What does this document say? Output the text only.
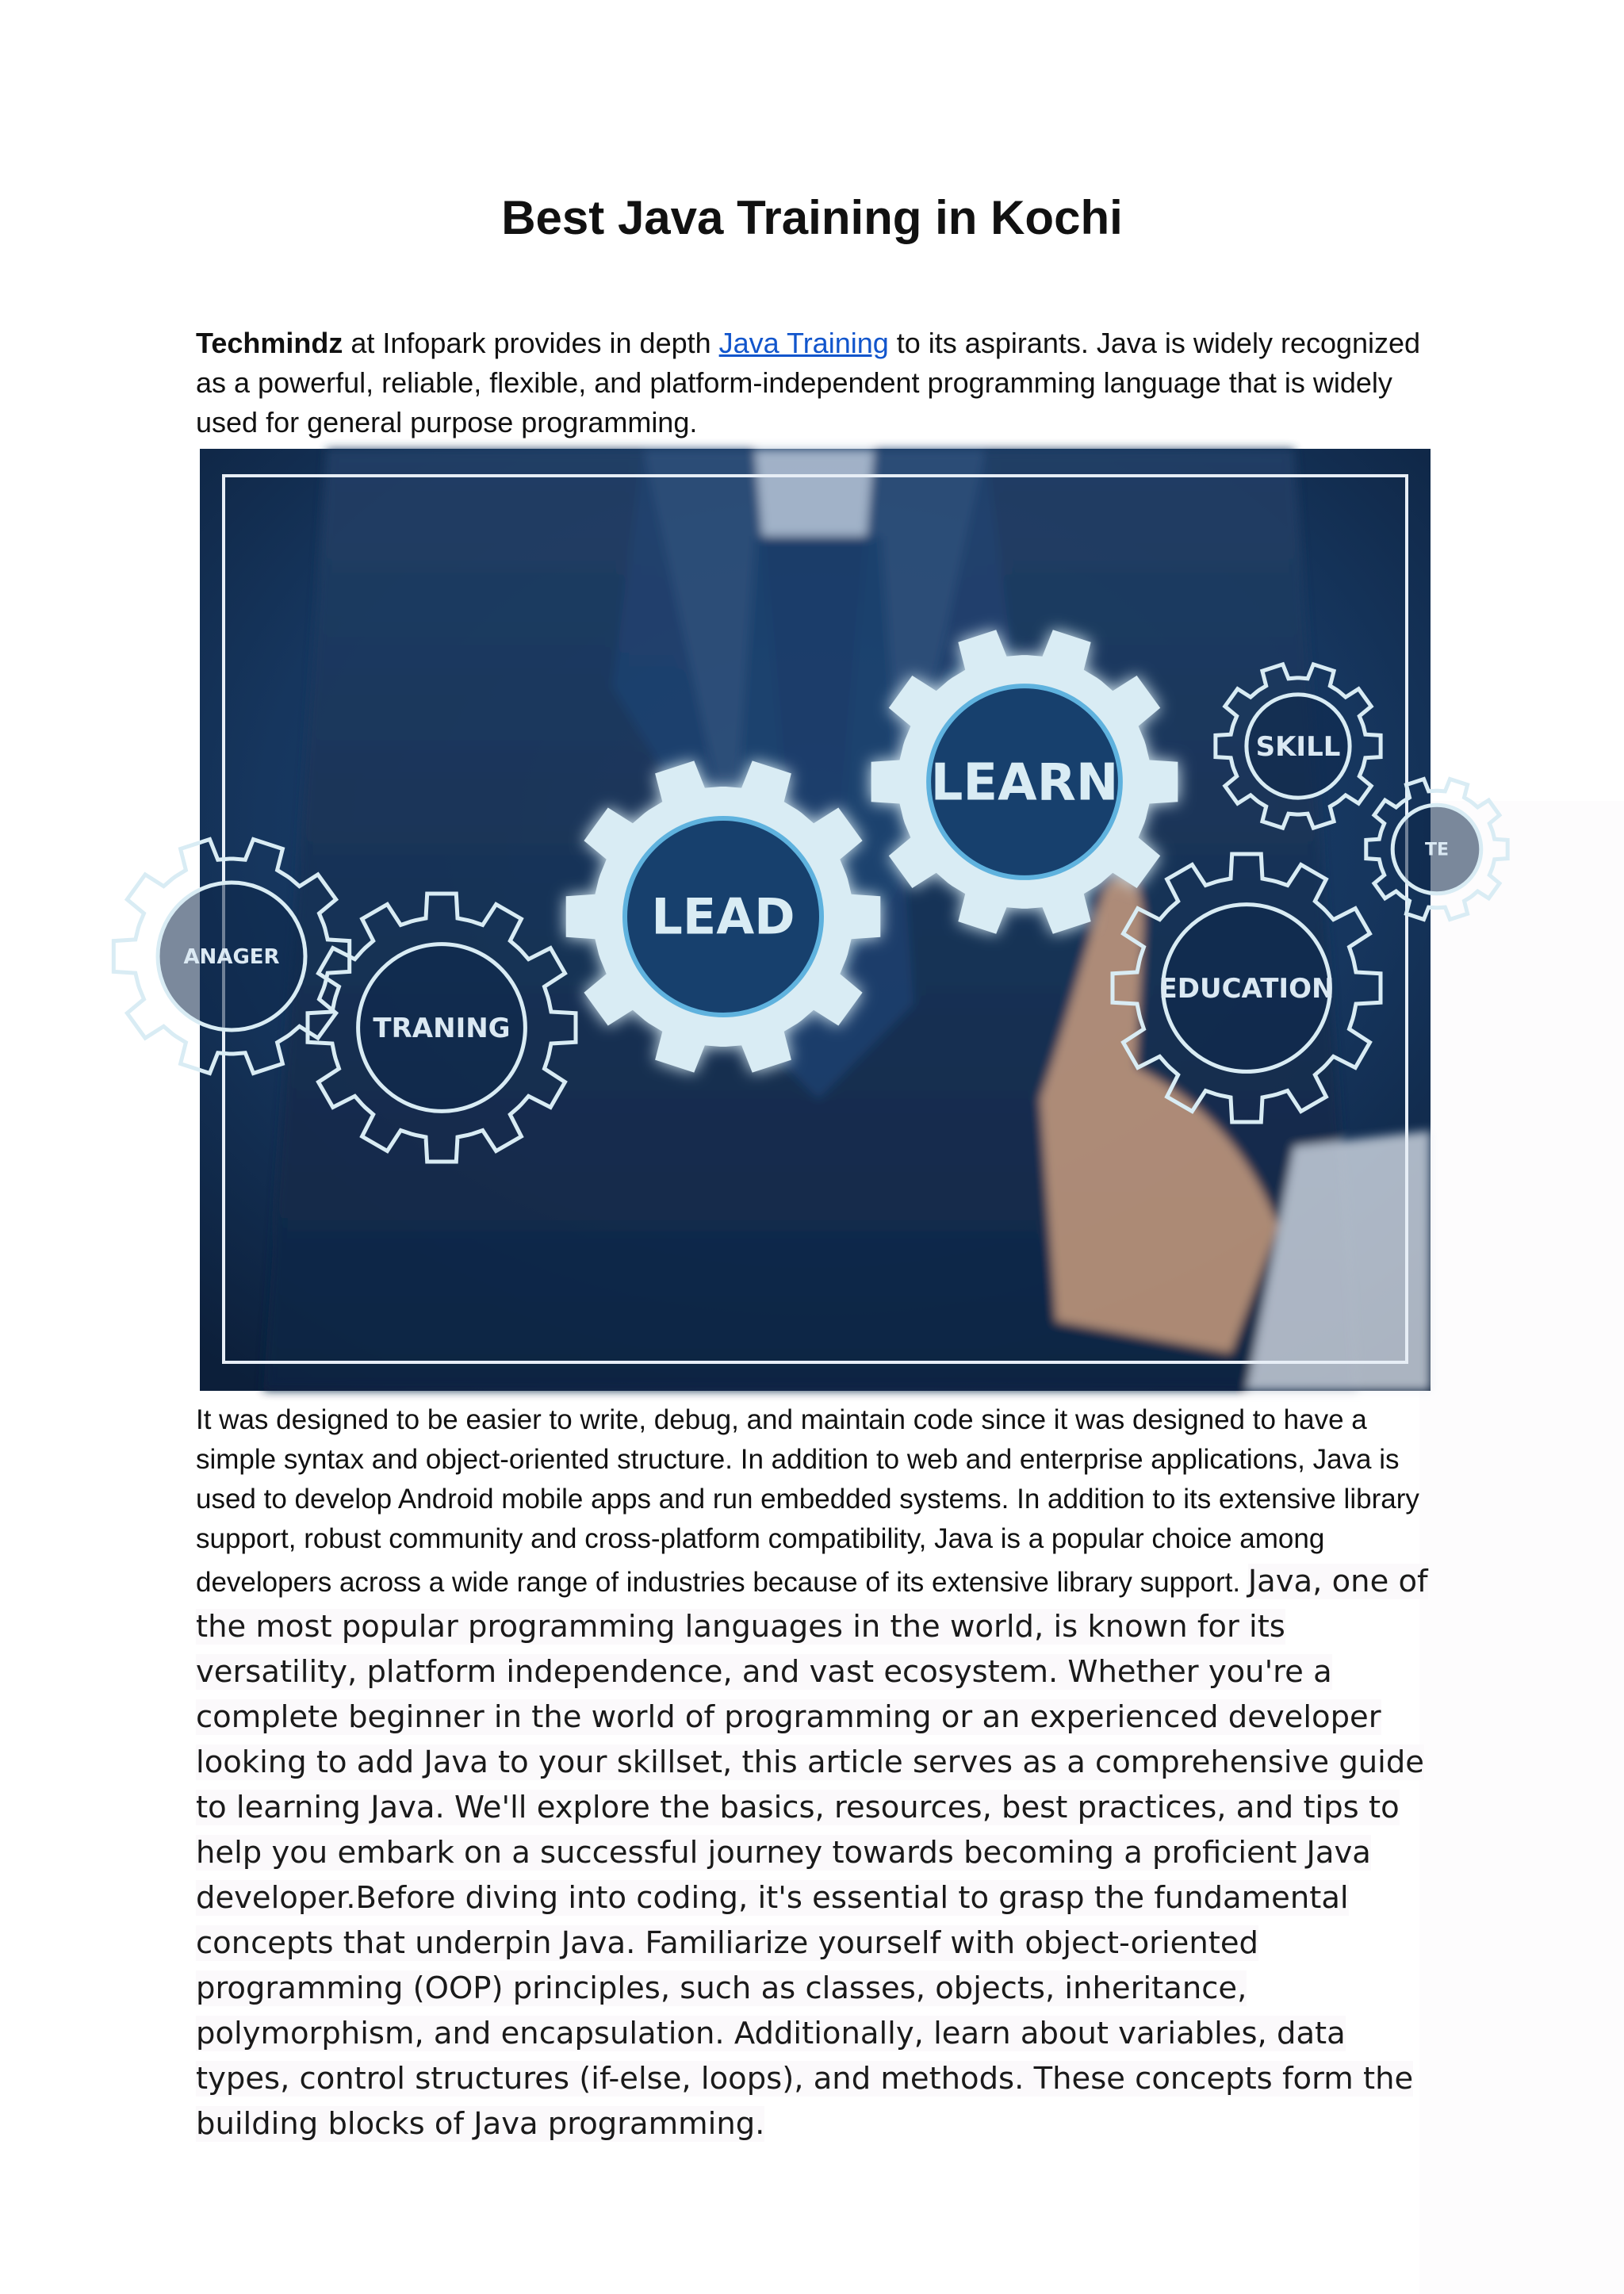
Best Java Training in Kochi

Techmindz at Infopark provides in depth Java Training to its aspirants. Java is widely recognized as a powerful, reliable, flexible, and platform-independent programming language that is widely used for general purpose programming.

LEARN
LEAD
SKILL
ANAGER
TRANING
EDUCATION
TE
It was designed to be easier to write, debug, and maintain code since it was designed to have a simple syntax and object-oriented structure. In addition to web and enterprise applications, Java is used to develop Android mobile apps and run embedded systems. In addition to its extensive library support, robust community and cross-platform compatibility, Java is a popular choice among developers across a wide range of industries because of its extensive library support. Java, one of the most popular programming languages in the world, is known for its versatility, platform independence, and vast ecosystem. Whether you're a complete beginner in the world of programming or an experienced developer looking to add Java to your skillset, this article serves as a comprehensive guide to learning Java. We'll explore the basics, resources, best practices, and tips to help you embark on a successful journey towards becoming a proficient Java developer.Before diving into coding, it's essential to grasp the fundamental concepts that underpin Java. Familiarize yourself with object-oriented programming (OOP) principles, such as classes, objects, inheritance, polymorphism, and encapsulation. Additionally, learn about variables, data types, control structures (if-else, loops), and methods. These concepts form the building blocks of Java programming.
